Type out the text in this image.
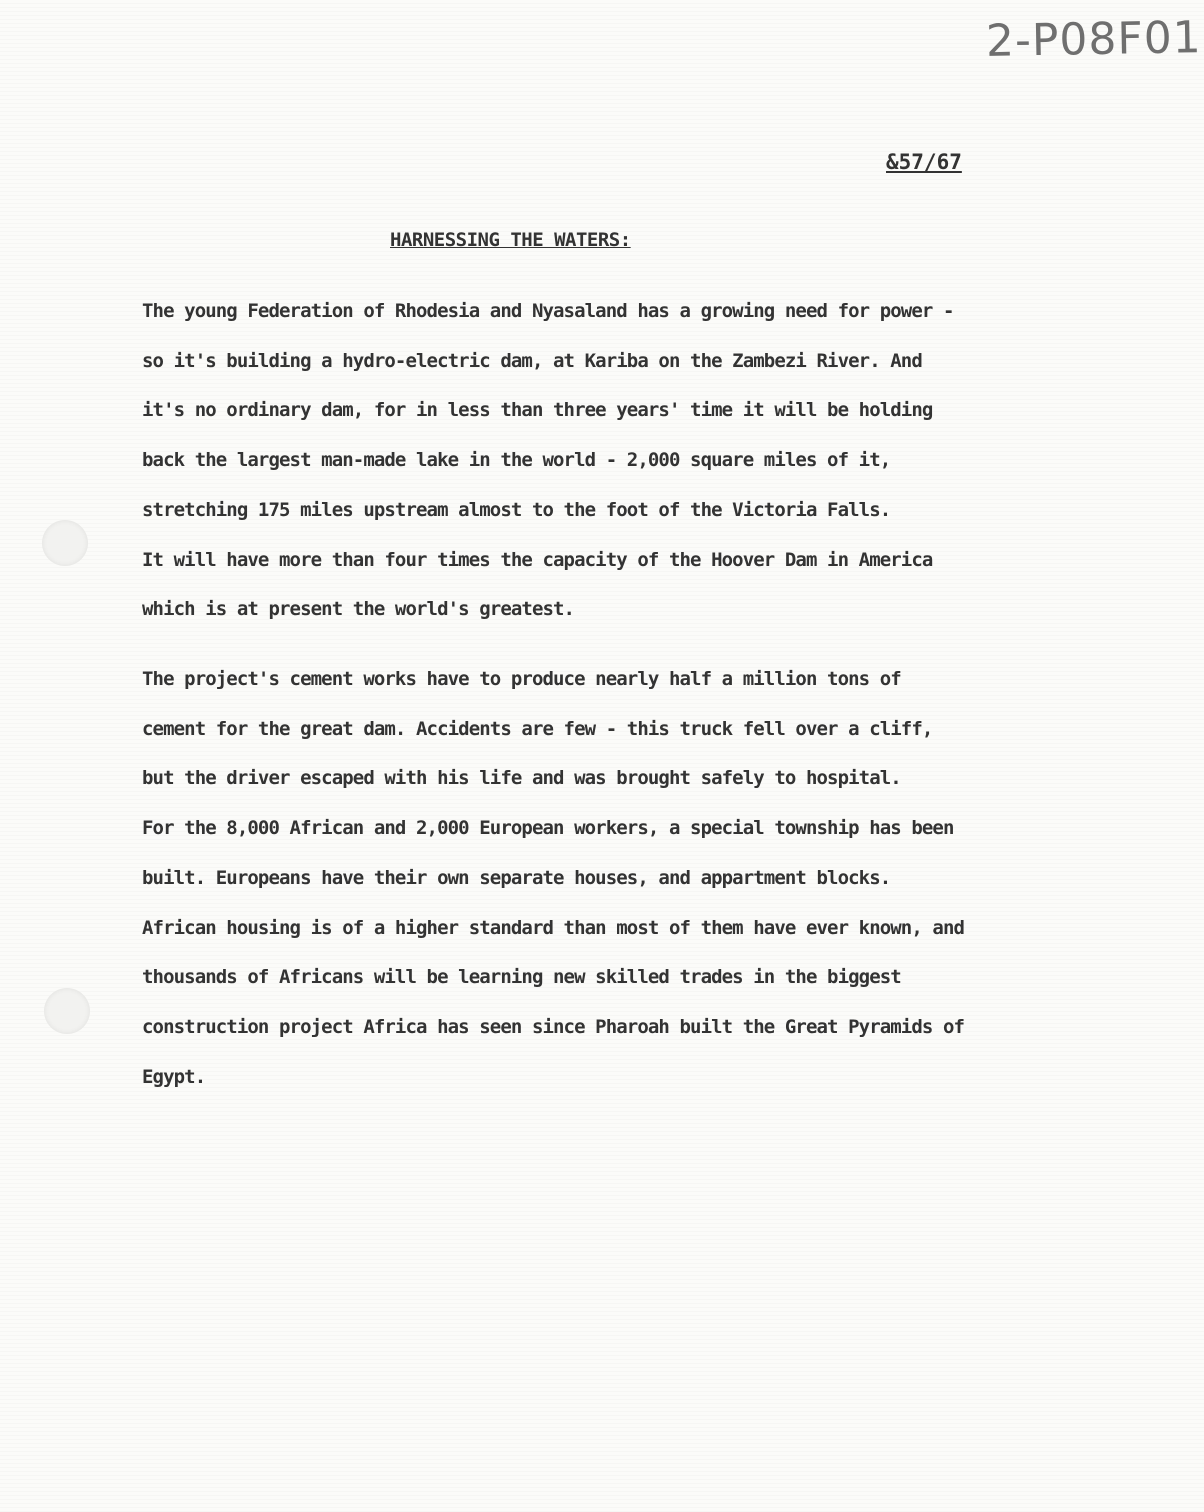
2-P08F01
&57/67
HARNESSING THE WATERS:

The young Federation of Rhodesia and Nyasaland has a growing need for power -
so it's building a hydro-electric dam, at Kariba on the Zambezi River. And
it's no ordinary dam, for in less than three years' time it will be holding
back the largest man-made lake in the world - 2,000 square miles of it,
stretching 175 miles upstream almost to the foot of the Victoria Falls.
It will have more than four times the capacity of the Hoover Dam in America
which is at present the world's greatest.

The project's cement works have to produce nearly half a million tons of
cement for the great dam. Accidents are few - this truck fell over a cliff,
but the driver escaped with his life and was brought safely to hospital.
For the 8,000 African and 2,000 European workers, a special township has been
built. Europeans have their own separate houses, and appartment blocks.
African housing is of a higher standard than most of them have ever known, and
thousands of Africans will be learning new skilled trades in the biggest
construction project Africa has seen since Pharoah built the Great Pyramids of
Egypt.
